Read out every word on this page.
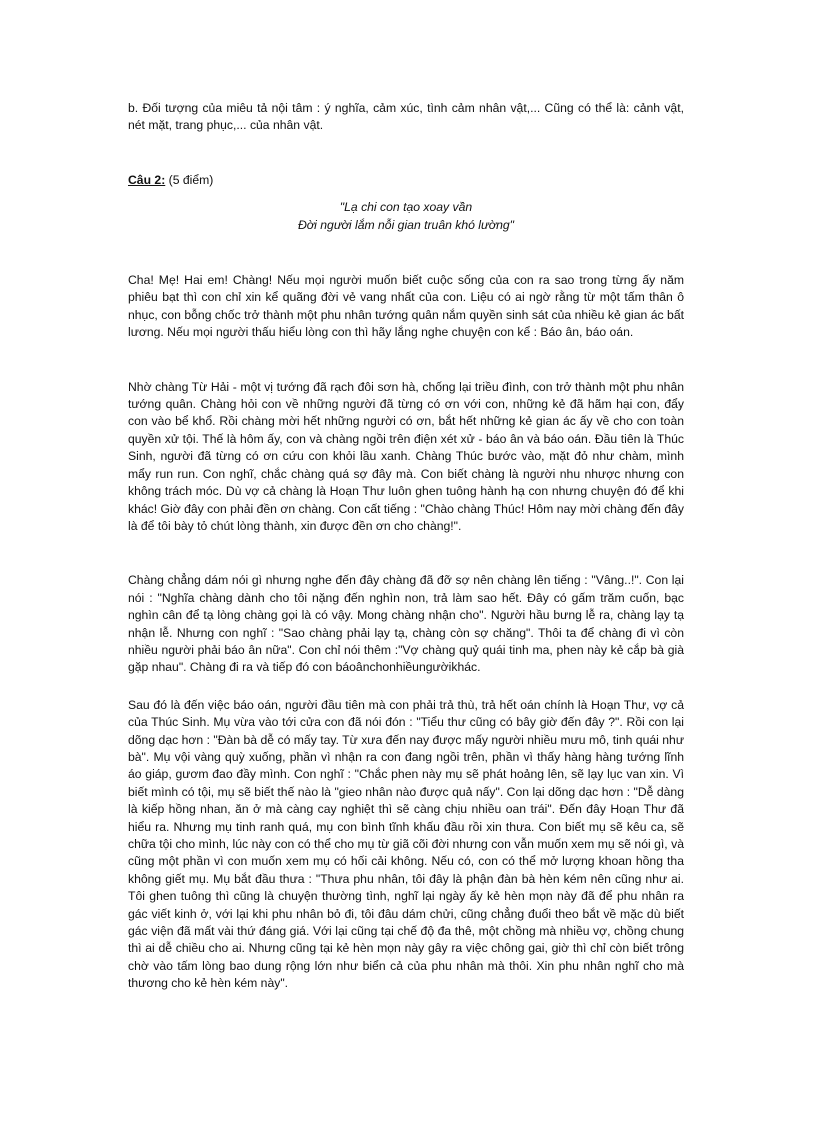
b. Đối tượng của miêu tả nội tâm : ý nghĩa, cảm xúc, tình cảm nhân vật,... Cũng có thể là: cảnh vật, nét mặt, trang phục,... của nhân vật.

Câu 2: (5 điểm)

"Lạ chi con tạo xoay vần
Đời người lắm nỗi gian truân khó lường"

Cha! Mẹ! Hai em! Chàng! Nếu mọi người muốn biết cuộc sống của con ra sao trong từng ấy năm phiêu bạt thì con chỉ xin kể quãng đời vẻ vang nhất của con. Liệu có ai ngờ rằng từ một tấm thân ô nhục, con bỗng chốc trở thành một phu nhân tướng quân nắm quyền sinh sát của nhiều kẻ gian ác bất lương. Nếu mọi người thấu hiểu lòng con thì hãy lắng nghe chuyện con kể : Báo ân, báo oán.

Nhờ chàng Từ Hải - một vị tướng đã rạch đôi sơn hà, chống lại triều đình, con trở thành một phu nhân tướng quân. Chàng hỏi con về những người đã từng có ơn với con, những kẻ đã hãm hại con, đẩy con vào bể khổ. Rồi chàng mời hết những người có ơn, bắt hết những kẻ gian ác ấy về cho con toàn quyền xử tội. Thế là hôm ấy, con và chàng ngồi trên điện xét xử - báo ân và báo oán. Đầu tiên là Thúc Sinh, người đã từng có ơn cứu con khỏi lầu xanh. Chàng Thúc bước vào, mặt đỏ như chàm, mình mẩy run run. Con nghĩ, chắc chàng quá sợ đây mà. Con biết chàng là người nhu nhược nhưng con không trách móc. Dù vợ cả chàng là Hoạn Thư luôn ghen tuông hành hạ con nhưng chuyện đó để khi khác! Giờ đây con phải đền ơn chàng. Con cất tiếng : "Chào chàng Thúc! Hôm nay mời chàng đến đây là để tôi bày tỏ chút lòng thành, xin được đền ơn cho chàng!".

Chàng chẳng dám nói gì nhưng nghe đến đây chàng đã đỡ sợ nên chàng lên tiếng : "Vâng..!". Con lại nói : "Nghĩa chàng dành cho tôi nặng đến nghìn non, trả làm sao hết. Đây có gấm trăm cuốn, bạc nghìn cân để tạ lòng chàng gọi là có vậy. Mong chàng nhận cho". Người hầu bưng lễ ra, chàng lạy tạ nhận lễ. Nhưng con nghĩ : "Sao chàng phải lạy tạ, chàng còn sợ chăng". Thôi ta để chàng đi vì còn nhiều người phải báo ân nữa". Con chỉ nói thêm :"Vợ chàng quỷ quái tinh ma, phen này kẻ cắp bà già gặp nhau". Chàng đi ra và tiếp đó con báoânchonhiềungườikhác.

Sau đó là đến việc báo oán, người đầu tiên mà con phải trả thù, trả hết oán chính là Hoạn Thư, vợ cả của Thúc Sinh. Mụ vừa vào tới cửa con đã nói đón : "Tiểu thư cũng có bây giờ đến đây ?". Rồi con lại dõng dạc hơn : "Đàn bà dễ có mấy tay. Từ xưa đến nay được mấy người nhiều mưu mô, tinh quái như bà". Mụ vội vàng quỳ xuống, phần vì nhận ra con đang ngồi trên, phần vì thấy hàng hàng tướng lĩnh áo giáp, gươm đao đầy mình. Con nghĩ : "Chắc phen này mụ sẽ phát hoảng lên, sẽ lạy lục van xin. Vì biết mình có tội, mụ sẽ biết thế nào là "gieo nhân nào được quả nấy". Con lại dõng dạc hơn : "Dễ dàng là kiếp hồng nhan, ăn ở mà càng cay nghiệt thì sẽ càng chịu nhiều oan trái". Đến đây Hoạn Thư đã hiểu ra. Nhưng mụ tinh ranh quá, mụ con bình tĩnh khấu đầu rồi xin thưa. Con biết mụ sẽ kêu ca, sẽ chữa tội cho mình, lúc này con có thể cho mụ từ giã cõi đời nhưng con vẫn muốn xem mụ sẽ nói gì, và cũng một phần vì con muốn xem mụ có hối cải không. Nếu có, con có thể mở lượng khoan hồng tha không giết mụ. Mụ bắt đầu thưa : "Thưa phu nhân, tôi đây là phận đàn bà hèn kém nên cũng như ai. Tôi ghen tuông thì cũng là chuyện thường tình, nghĩ lại ngày ấy kẻ hèn mọn này đã để phu nhân ra gác viết kinh ở, với lại khi phu nhân bỏ đi, tôi đâu dám chửi, cũng chẳng đuổi theo bắt về mặc dù biết gác viện đã mất vài thứ đáng giá. Với lại cũng tại chế độ đa thê, một chồng mà nhiều vợ, chồng chung thì ai dễ chiều cho ai. Nhưng cũng tại kẻ hèn mọn này gây ra việc chông gai, giờ thì chỉ còn biết trông chờ vào tấm lòng bao dung rộng lớn như biển cả của phu nhân mà thôi. Xin phu nhân nghĩ cho mà thương cho kẻ hèn kém này".
